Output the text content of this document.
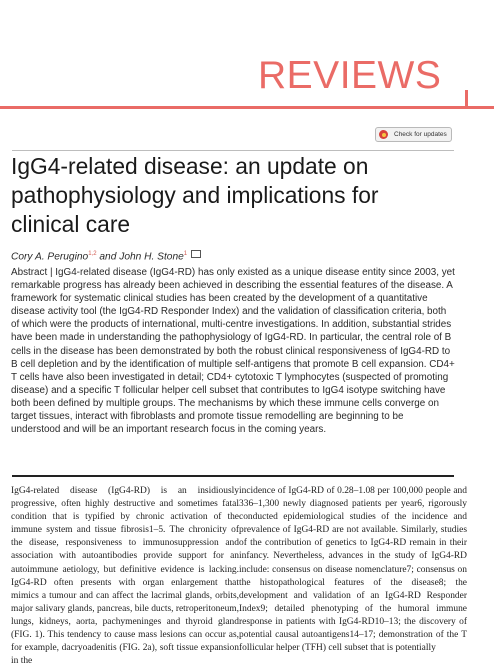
REVIEWS
Check for updates
IgG4-related disease: an update on pathophysiology and implications for clinical care
Cory A. Perugino$^{1,2}$ and John H. Stone$^1$

Abstract | IgG4-related disease (IgG4-RD) has only existed as a unique disease entity since 2003, yet remarkable progress has already been achieved in describing the essential features of the disease. A framework for systematic clinical studies has been created by the development of a quantitative disease activity tool (the IgG4-RD Responder Index) and the validation of classification criteria, both of which were the products of international, multi-centre investigations. In addition, substantial strides have been made in understanding the pathophysiology of IgG4-RD. In particular, the central role of B cells in the disease has been demonstrated by both the robust clinical responsiveness of IgG4-RD to B cell depletion and by the identification of multiple self-antigens that promote B cell expansion. CD4+ T cells have also been investigated in detail; CD4+ cytotoxic T lymphocytes (suspected of promoting disease) and a specific T follicular helper cell subset that contributes to IgG4 isotype switching have both been defined by multiple groups. The mechanisms by which these immune cells converge on target tissues, interact with fibroblasts and promote tissue remodelling are beginning to be understood and will be an important research focus in the coming years.

IgG4-related disease (IgG4-RD) is an insidiously progressive, often highly destructive and sometimes fatal condition that is typified by chronic activation of the immune system and tissue fibrosis1–5. The chronicity of the disease, responsiveness to immunosuppression and association with autoantibodies provide support for an autoimmune aetiology, but definitive evidence is lacking. IgG4-RD often presents with organ enlargement that mimics a tumour and can affect the lacrimal glands, orbits, major salivary glands, pancreas, bile ducts, retroperitoneum, lungs, kidneys, aorta, pachymeninges and thyroid gland (FIG. 1). This tendency to cause mass lesions can occur as, for example, dacryoadenitis (FIG. 2a), soft tissue expansion in the

incidence of IgG4-RD of 0.28–1.08 per 100,000 people and 336–1,300 newly diagnosed patients per year6, rigorously conducted epidemiological studies of the incidence and prevalence of IgG4-RD are not available. Similarly, studies of the contribution of genetics to IgG4-RD remain in their infancy. Nevertheless, advances in the study of IgG4-RD include: consensus on disease nomenclature7; consensus on the histopathological features of the disease8; the development and validation of an IgG4-RD Responder Index9; detailed phenotyping of the humoral immune response in patients with IgG4-RD10–13; the discovery of potential causal autoantigens14–17; demonstration of the T follicular helper (TFH) cell subset that is potentially
